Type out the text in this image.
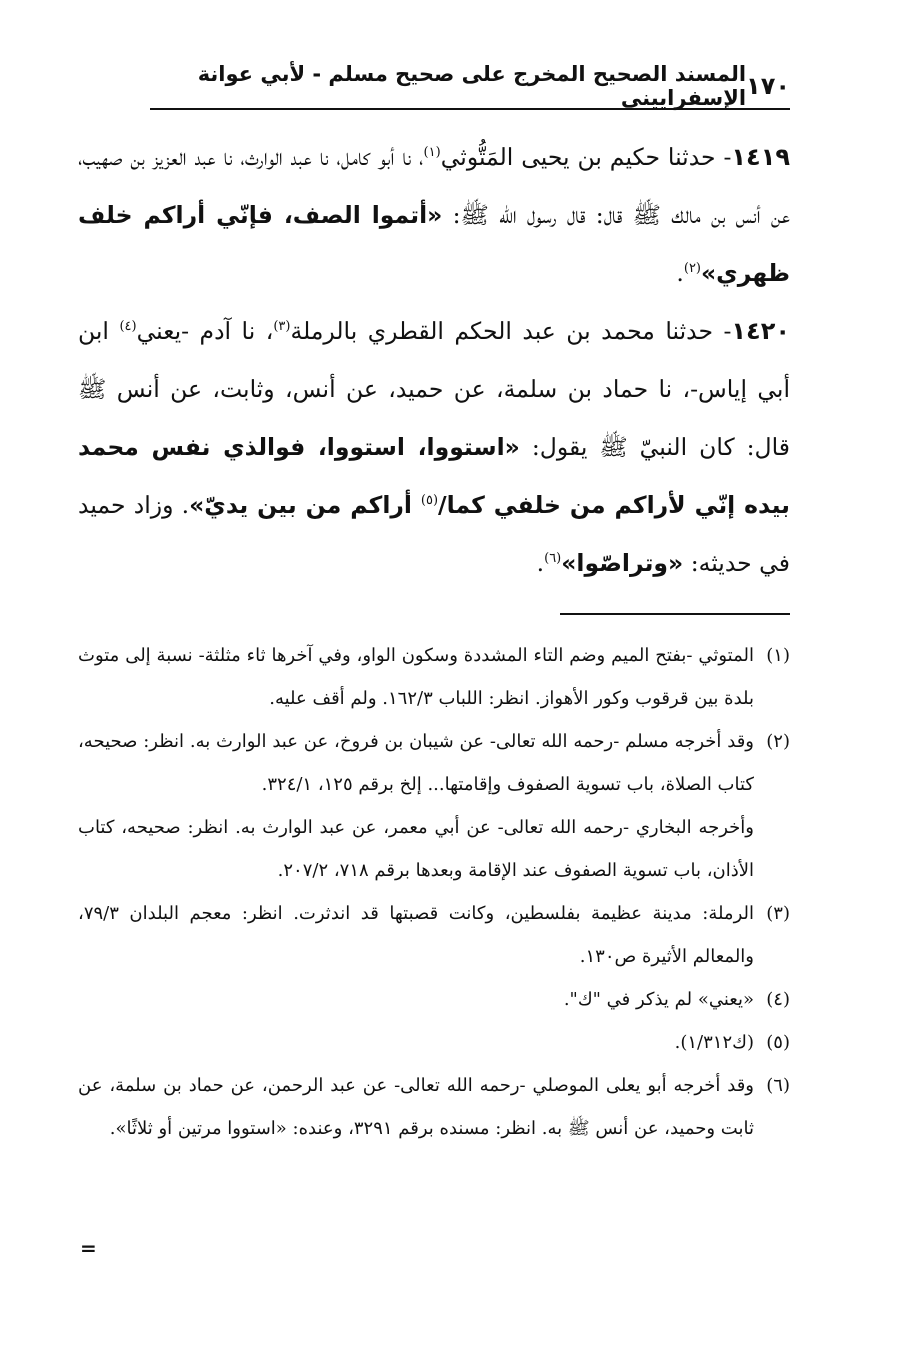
١٧٠
المسند الصحيح المخرج على صحيح مسلم - لأبي عوانة الإسفراييني

١٤١٩- حدثنا حكيم بن يحيى المَتُّوثي$^{(١)}$، نا أبو كامل، نا عبد الوارث، نا عبد العزيز بن صهيب، عن أنس بن مالك ﷺ قال: قال رسول الله ﷺ: «أتموا الصف، فإنّي أراكم خلف ظهري»$^{(٢)}$.

١٤٢٠- حدثنا محمد بن عبد الحكم القطري بالرملة$^{(٣)}$، نا آدم -يعني$^{(٤)}$ ابن أبي إياس-، نا حماد بن سلمة، عن حميد، عن أنس، وثابت، عن أنس ﷺ قال: كان النبيّ ﷺ يقول: «استووا، استووا، فوالذي نفس محمد بيده إنّي لأراكم من خلفي كما/$^{(٥)}$ أراكم من بين يديّ». وزاد حميد في حديثه: «وتراصّوا»$^{(٦)}$.

(١)
المتوثي -بفتح الميم وضم التاء المشددة وسكون الواو، وفي آخرها ثاء مثلثة- نسبة إلى متوث بلدة بين قرقوب وكور الأهواز. انظر: اللباب ١٦٢/٣. ولم أقف عليه.
(٢)
وقد أخرجه مسلم -رحمه الله تعالى- عن شيبان بن فروخ، عن عبد الوارث به. انظر: صحيحه، كتاب الصلاة، باب تسوية الصفوف وإقامتها... إلخ برقم ١٢٥، ٣٢٤/١.

وأخرجه البخاري -رحمه الله تعالى- عن أبي معمر، عن عبد الوارث به. انظر: صحيحه، كتاب الأذان، باب تسوية الصفوف عند الإقامة وبعدها برقم ٧١٨، ٢٠٧/٢.

(٣)
الرملة: مدينة عظيمة بفلسطين، وكانت قصبتها قد اندثرت. انظر: معجم البلدان ٧٩/٣، والمعالم الأثيرة ص١٣٠.
(٤)
«يعني» لم يذكر في "ك".
(٥)
(ك١/٣١٢).
(٦)
وقد أخرجه أبو يعلى الموصلي -رحمه الله تعالى- عن عبد الرحمن، عن حماد بن سلمة، عن ثابت وحميد، عن أنس ﷺ به. انظر: مسنده برقم ٣٢٩١، وعنده: «استووا مرتين أو ثلاثًا».
=
